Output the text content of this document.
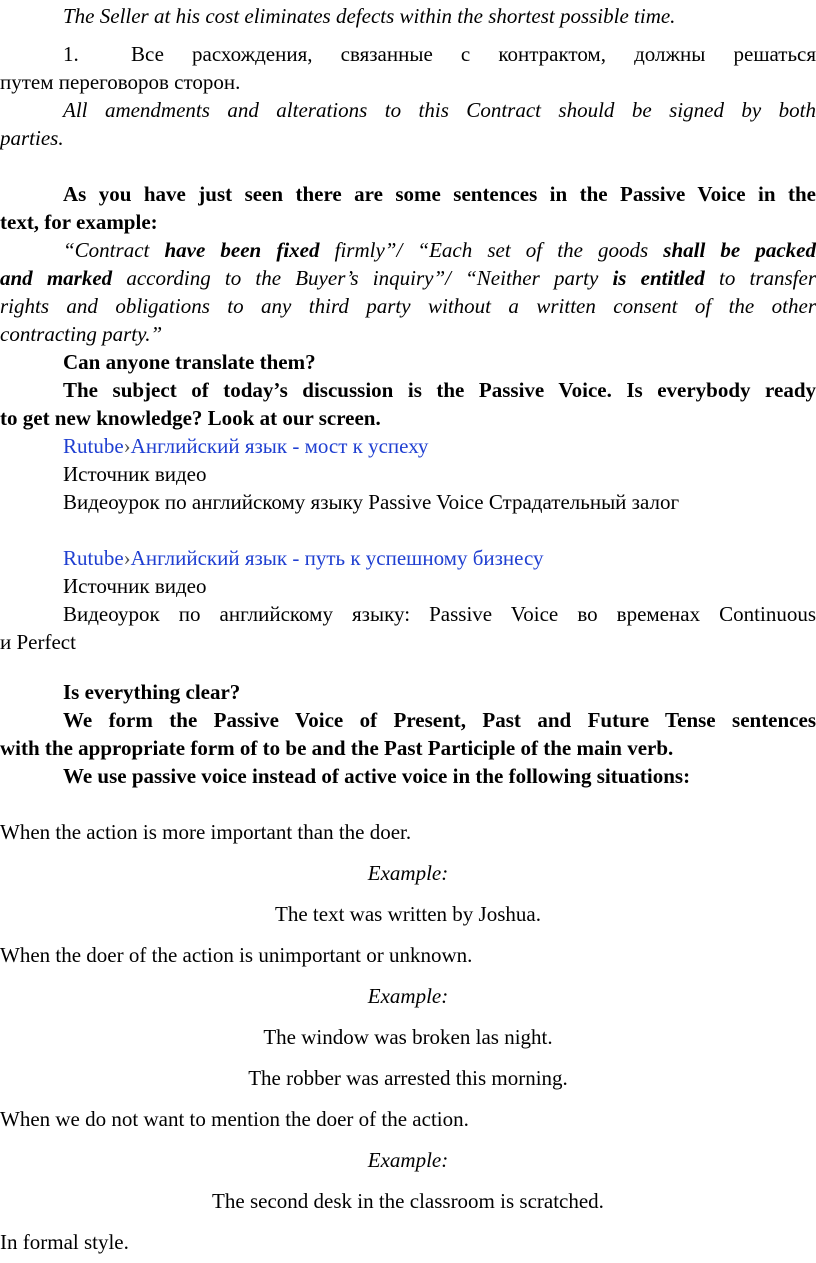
The Seller at his cost eliminates defects within the shortest possible time.
1. Все расхождения, связанные с контрактом, должны решаться
путем переговоров сторон.
All amendments and alterations to this Contract should be signed by both
parties.
As you have just seen there are some sentences in the Passive Voice in the
text, for example:
“Contract have been fixed firmly”/ “Each set of the goods shall be packed
and marked according to the Buyer’s inquiry”/ “Neither party is entitled to transfer
rights and obligations to any third party without a written consent of the other
contracting party.”
Can anyone translate them?
The subject of today’s discussion is the Passive Voice. Is everybody ready
to get new knowledge? Look at our screen.
Rutube›Английский язык - мост к успеху
Источник видео
Видеоурок по английскому языку Passive Voice Страдательный залог
Rutube›Английский язык - путь к успешному бизнесу
Источник видео
Видеоурок по английскому языку: Passive Voice во временах Continuous
и Perfect
Is everything clear?
We form the Passive Voice of Present, Past and Future Tense sentences
with the appropriate form of to be and the Past Participle of the main verb.
We use passive voice instead of active voice in the following situations:
When the action is more important than the doer.
Example:
The text was written by Joshua.
When the doer of the action is unimportant or unknown.
Example:
The window was broken las night.
The robber was arrested this morning.
When we do not want to mention the doer of the action.
Example:
The second desk in the classroom is scratched.
In formal style.
